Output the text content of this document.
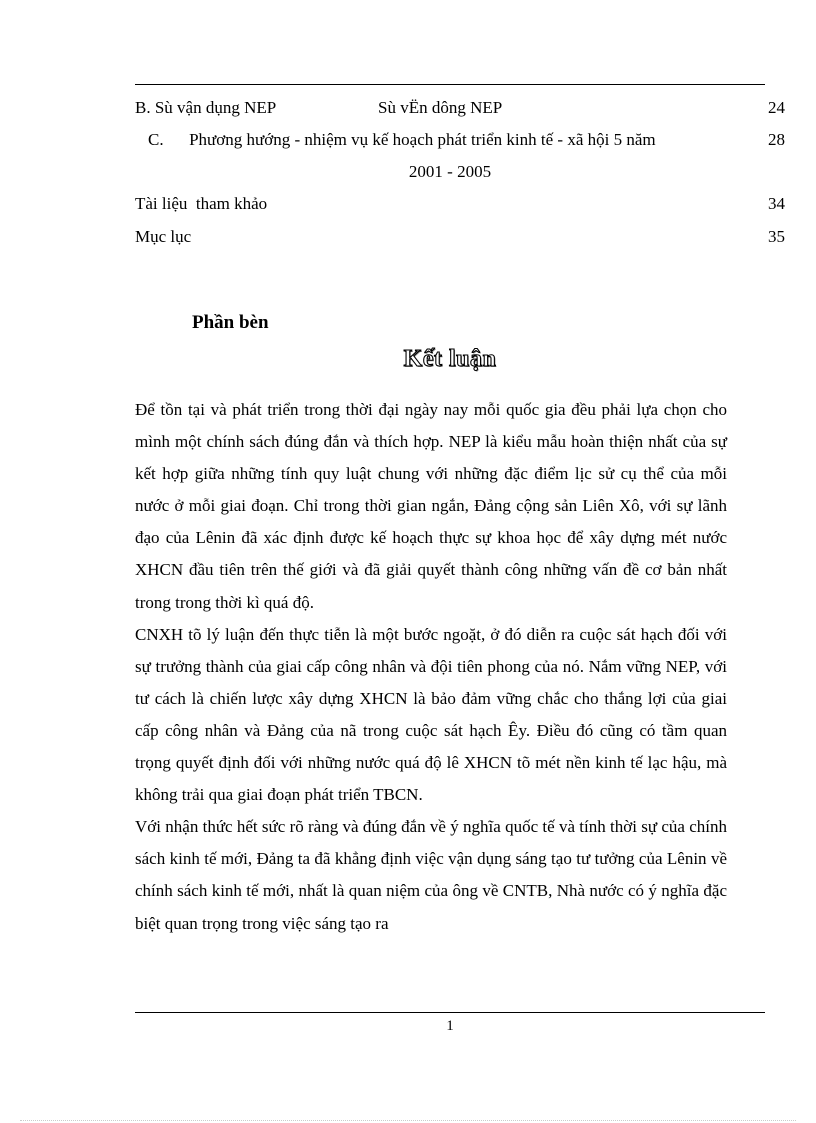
B. Sù vận dụng NEP	Sù vËn dông NEP	24
C.      Phương hướng - nhiệm vụ kế hoạch phát triển kinh tế - xã hội 5 năm	28
2001 - 2005
Tài liệu  tham khảo	34
Mục lục	35
Phần bèn
Kết luận

Để tồn tại và phát triển trong thời đại ngày nay mỗi quốc gia đều phải lựa chọn cho mình một chính sách đúng đắn và thích hợp. NEP là kiểu mẫu hoàn thiện nhất của sự kết hợp giữa những tính quy luật chung với những đặc điểm lịc sử cụ thể của mỗi nước ở mỗi giai đoạn. Chỉ trong thời gian ngắn, Đảng cộng sản Liên Xô, với sự lãnh đạo của Lênin đã xác định được kế hoạch thực sự khoa học để xây dựng mét nước XHCN đầu tiên trên thế giới và đã giải quyết thành công những vấn đề cơ bản nhất trong trong thời kì quá độ.

CNXH tõ lý luận đến thực tiễn là một bước ngoặt, ở đó diễn ra cuộc sát hạch đối với sự trưởng thành của giai cấp công nhân và đội tiên phong của nó. Nắm vững NEP, với tư cách là chiến lược xây dựng XHCN là bảo đảm vững chắc cho thắng lợi của giai cấp công nhân và Đảng của nã trong cuộc sát hạch Êy. Điều đó cũng có tầm quan trọng quyết định đối với những nước quá độ lê XHCN tõ mét nền kinh tế lạc hậu, mà không trải qua giai đoạn phát triển TBCN.

Với nhận thức hết sức rõ ràng và đúng đắn về ý nghĩa quốc tế và tính thời sự của chính sách kinh tế mới, Đảng ta đã khẳng định việc vận dụng sáng tạo tư tưởng của Lênin về chính sách kinh tế mới, nhất là quan niệm của ông về CNTB, Nhà nước có ý nghĩa đặc biệt quan trọng trong việc sáng tạo ra

1
